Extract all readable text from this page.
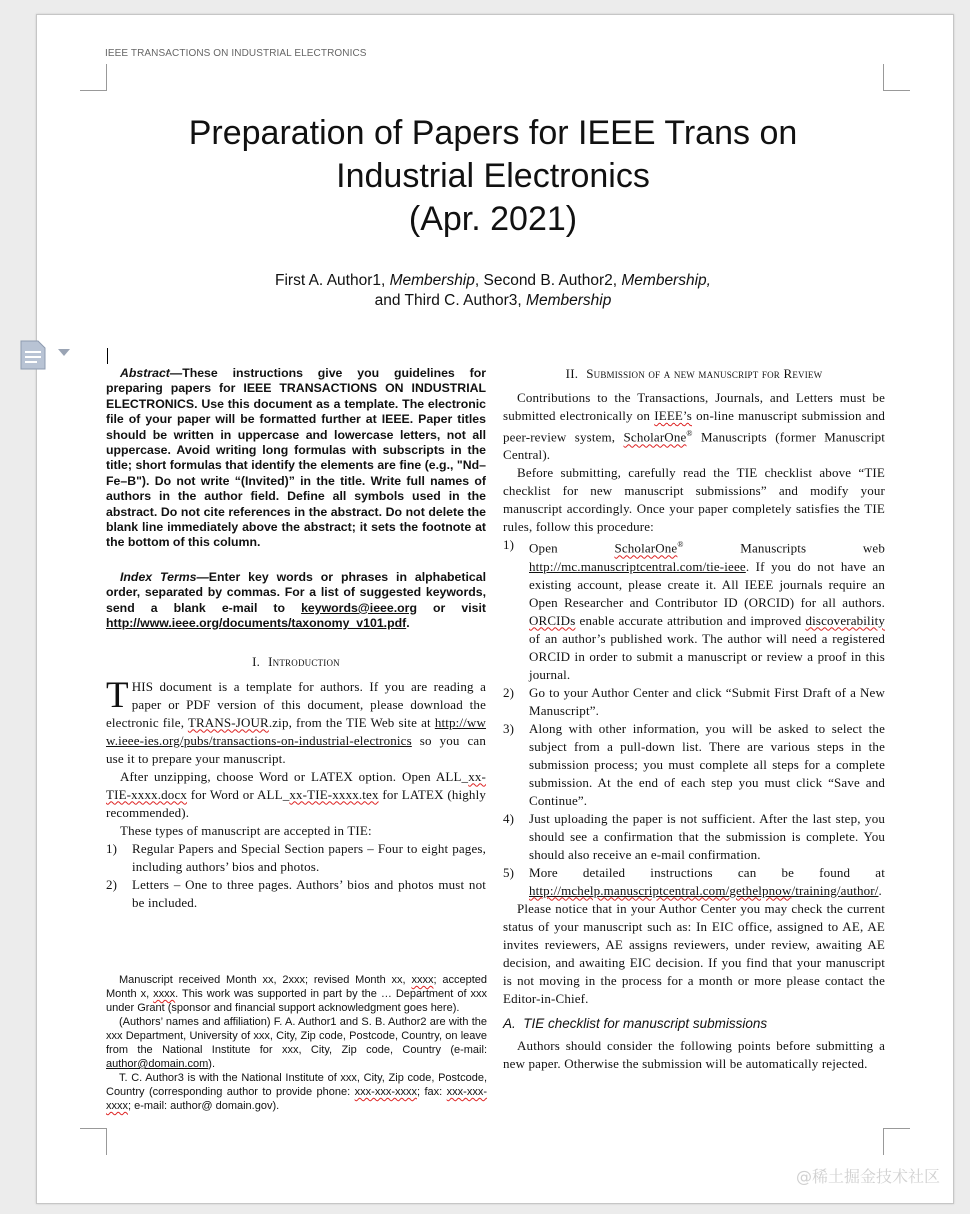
IEEE TRANSACTIONS ON INDUSTRIAL ELECTRONICS
Preparation of Papers for IEEE Trans on
Industrial Electronics
(Apr. 2021)
First A. Author1, Membership, Second B. Author2, Membership,
and Third C. Author3, Membership
Abstract—These instructions give you guidelines for preparing papers for IEEE TRANSACTIONS ON INDUSTRIAL ELECTRONICS. Use this document as a template. The electronic file of your paper will be formatted further at IEEE. Paper titles should be written in uppercase and lowercase letters, not all uppercase. Avoid writing long formulas with subscripts in the title; short formulas that identify the elements are fine (e.g., "Nd–Fe–B"). Do not write “(Invited)” in the title. Write full names of authors in the author field. Define all symbols used in the abstract. Do not cite references in the abstract. Do not delete the blank line immediately above the abstract; it sets the footnote at the bottom of this column.
Index Terms—Enter key words or phrases in alphabetical order, separated by commas. For a list of suggested keywords, send a blank e-mail to keywords@ieee.org or visit http://www.ieee.org/documents/taxonomy_v101.pdf.
I. Introduction

THIS document is a template for authors. If you are reading a paper or PDF version of this document, please download the electronic file, TRANS-JOUR.zip, from the TIE Web site at http://www.ieee-ies.org/pubs/transactions-on-industrial-electronics so you can use it to prepare your manuscript.

After unzipping, choose Word or LATEX option. Open ALL_xx-TIE-xxxx.docx for Word or ALL_xx-TIE-xxxx.tex for LATEX (highly recommended).

These types of manuscript are accepted in TIE:

1) Regular Papers and Special Section papers – Four to eight pages, including authors’ bios and photos.
2) Letters – One to three pages. Authors’ bios and photos must not be included.

Manuscript received Month xx, 2xxx; revised Month xx, xxxx; accepted Month x, xxxx. This work was supported in part by the … Department of xxx under Grant (sponsor and financial support acknowledgment goes here).

(Authors’ names and affiliation) F. A. Author1 and S. B. Author2 are with the xxx Department, University of xxx, City, Zip code, Postcode, Country, on leave from the National Institute for xxx, City, Zip code, Country (e-mail: author@domain.com).

T. C. Author3 is with the National Institute of xxx, City, Zip code, Postcode, Country (corresponding author to provide phone: xxx-xxx-xxxx; fax: xxx-xxx-xxxx; e-mail: author@ domain.gov).

II. Submission of a new manuscript for Review

Contributions to the Transactions, Journals, and Letters must be submitted electronically on IEEE’s on-line manuscript submission and peer-review system, ScholarOne® Manuscripts (former Manuscript Central).

Before submitting, carefully read the TIE checklist above “TIE checklist for new manuscript submissions” and modify your manuscript accordingly. Once your paper completely satisfies the TIE rules, follow this procedure:

1) Open ScholarOne® Manuscripts web http://mc.manuscriptcentral.com/tie-ieee. If you do not have an existing account, please create it. All IEEE journals require an Open Researcher and Contributor ID (ORCID) for all authors. ORCIDs enable accurate attribution and improved discoverability of an author’s published work. The author will need a registered ORCID in order to submit a manuscript or review a proof in this journal.
2) Go to your Author Center and click “Submit First Draft of a New Manuscript”.
3) Along with other information, you will be asked to select the subject from a pull-down list. There are various steps in the submission process; you must complete all steps for a complete submission. At the end of each step you must click “Save and Continue”.
4) Just uploading the paper is not sufficient. After the last step, you should see a confirmation that the submission is complete. You should also receive an e-mail confirmation.
5) More detailed instructions can be found at http://mchelp.manuscriptcentral.com/gethelpnow/training/author/.

Please notice that in your Author Center you may check the current status of your manuscript such as: In EIC office, assigned to AE, AE invites reviewers, AE assigns reviewers, under review, awaiting AE decision, and awaiting EIC decision. If you find that your manuscript is not moving in the process for a month or more please contact the Editor-in-Chief.

A. TIE checklist for manuscript submissions

Authors should consider the following points before submitting a new paper. Otherwise the submission will be automatically rejected.

@稀土掘金技术社区
